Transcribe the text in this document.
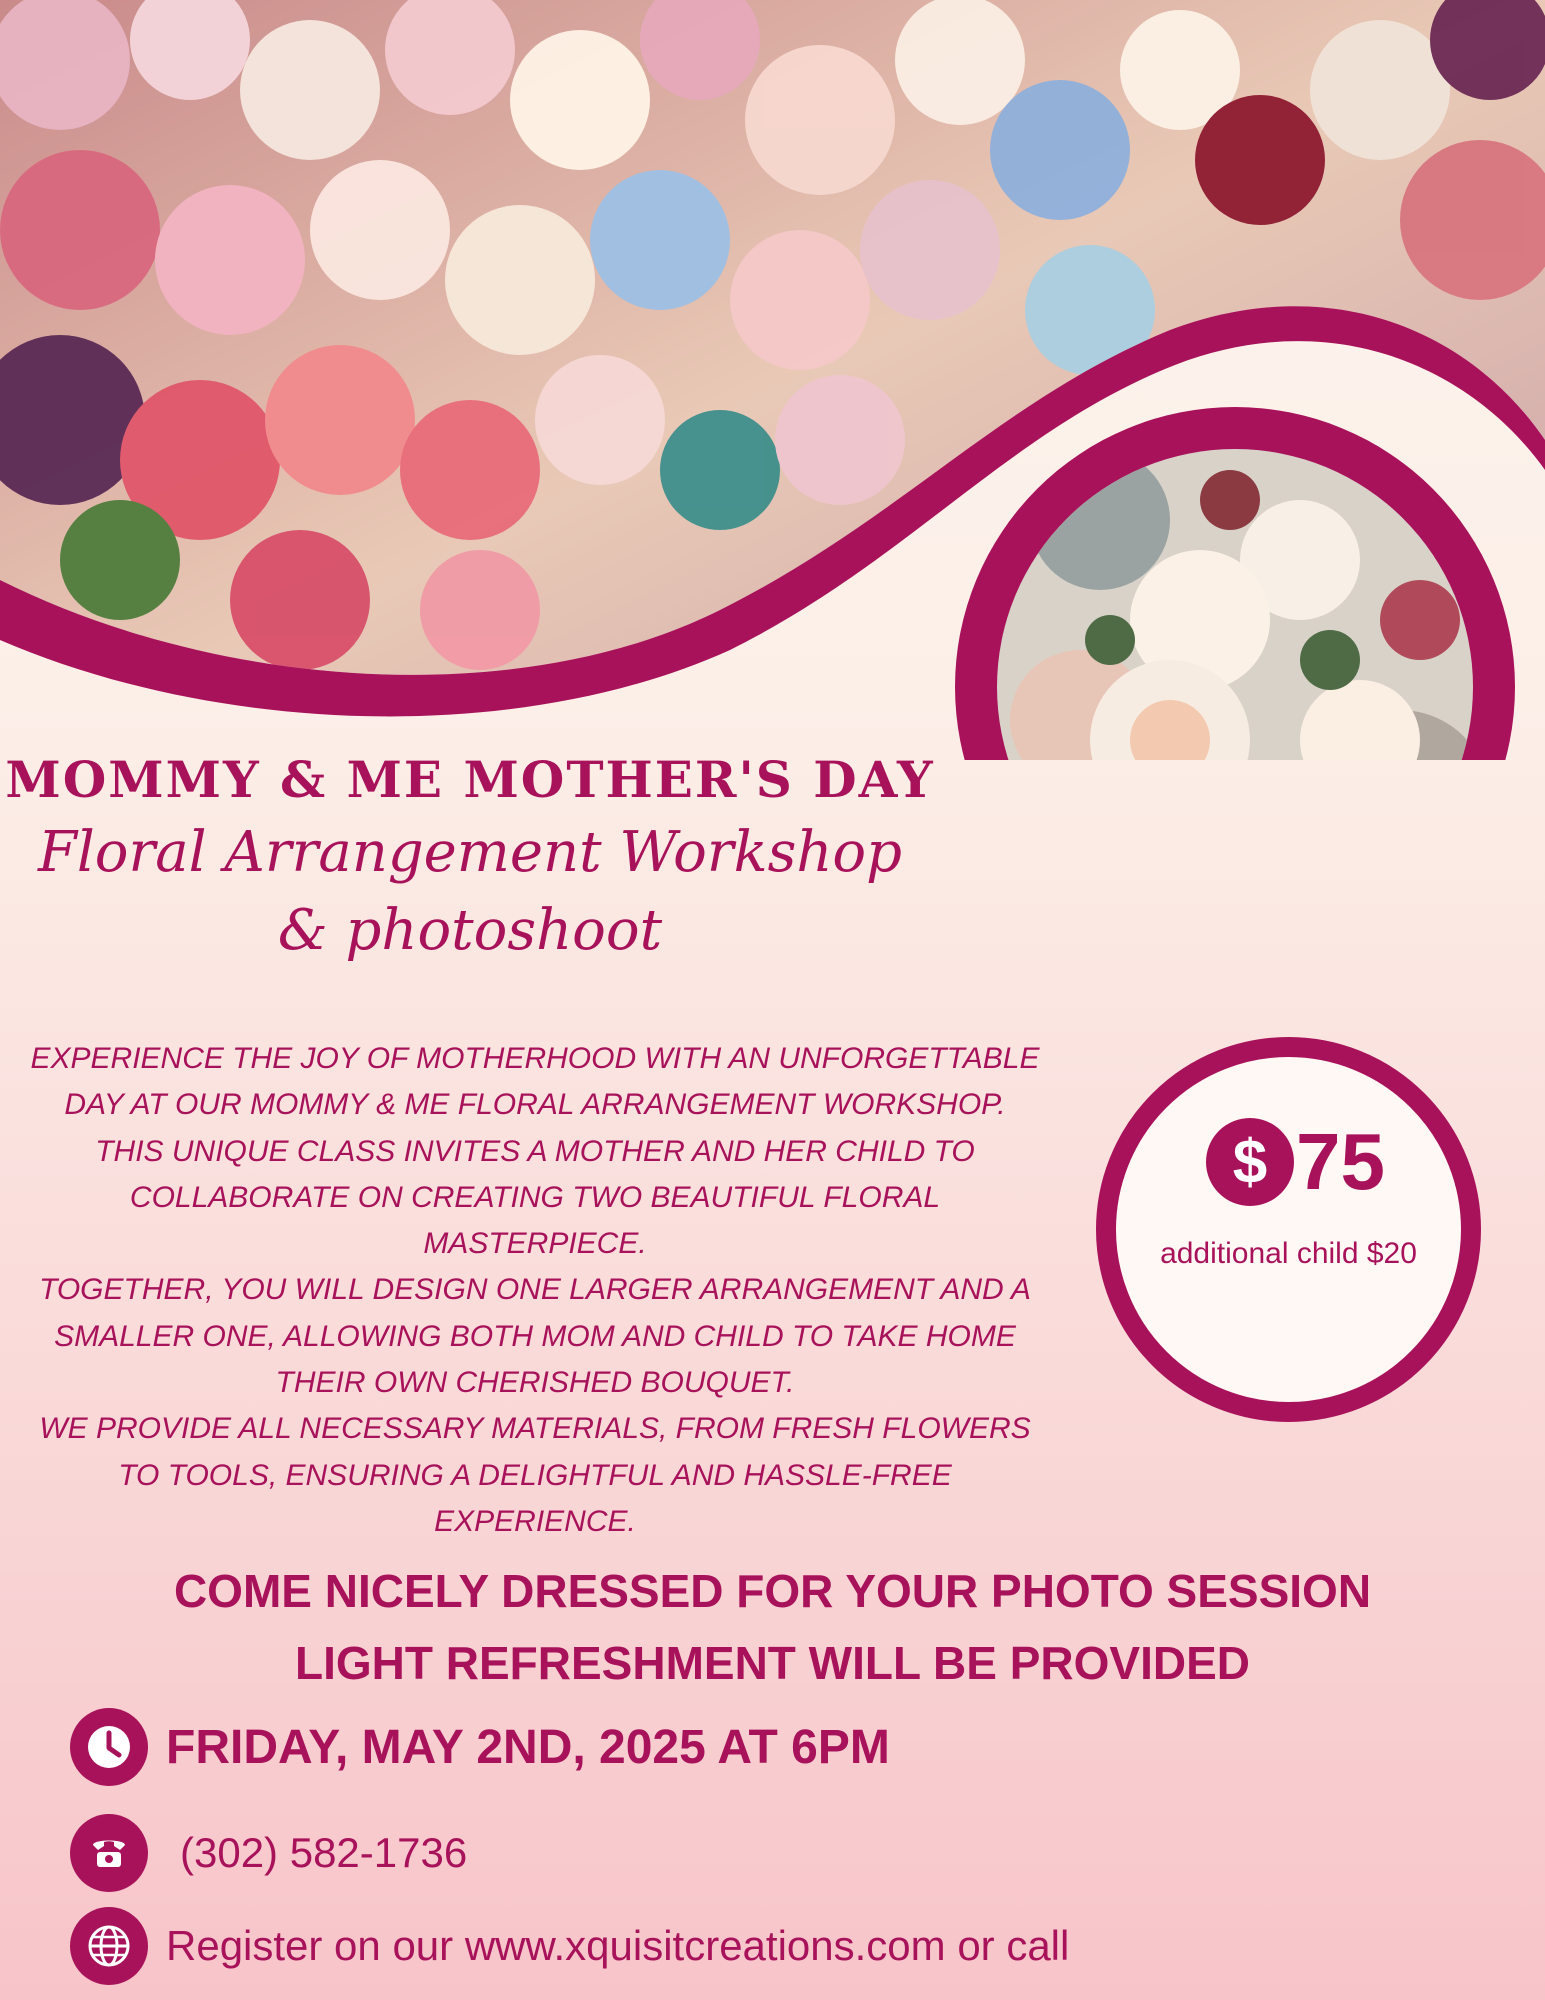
MOMMY & ME MOTHER'S DAY
Floral Arrangement Workshop
& photoshoot

EXPERIENCE THE JOY OF MOTHERHOOD WITH AN UNFORGETTABLE DAY AT OUR MOMMY & ME FLORAL ARRANGEMENT WORKSHOP. THIS UNIQUE CLASS INVITES A MOTHER AND HER CHILD TO COLLABORATE ON CREATING TWO BEAUTIFUL FLORAL MASTERPIECE.

TOGETHER, YOU WILL DESIGN ONE LARGER ARRANGEMENT AND A SMALLER ONE, ALLOWING BOTH MOM AND CHILD TO TAKE HOME THEIR OWN CHERISHED BOUQUET.

WE PROVIDE ALL NECESSARY MATERIALS, FROM FRESH FLOWERS TO TOOLS, ENSURING A DELIGHTFUL AND HASSLE-FREE EXPERIENCE.

$ 75
additional child $20
COME NICELY DRESSED FOR YOUR PHOTO SESSION
LIGHT REFRESHMENT WILL BE PROVIDED
FRIDAY, MAY 2ND, 2025 AT 6PM
(302) 582-1736
Register on our www.xquisitcreations.com or call
